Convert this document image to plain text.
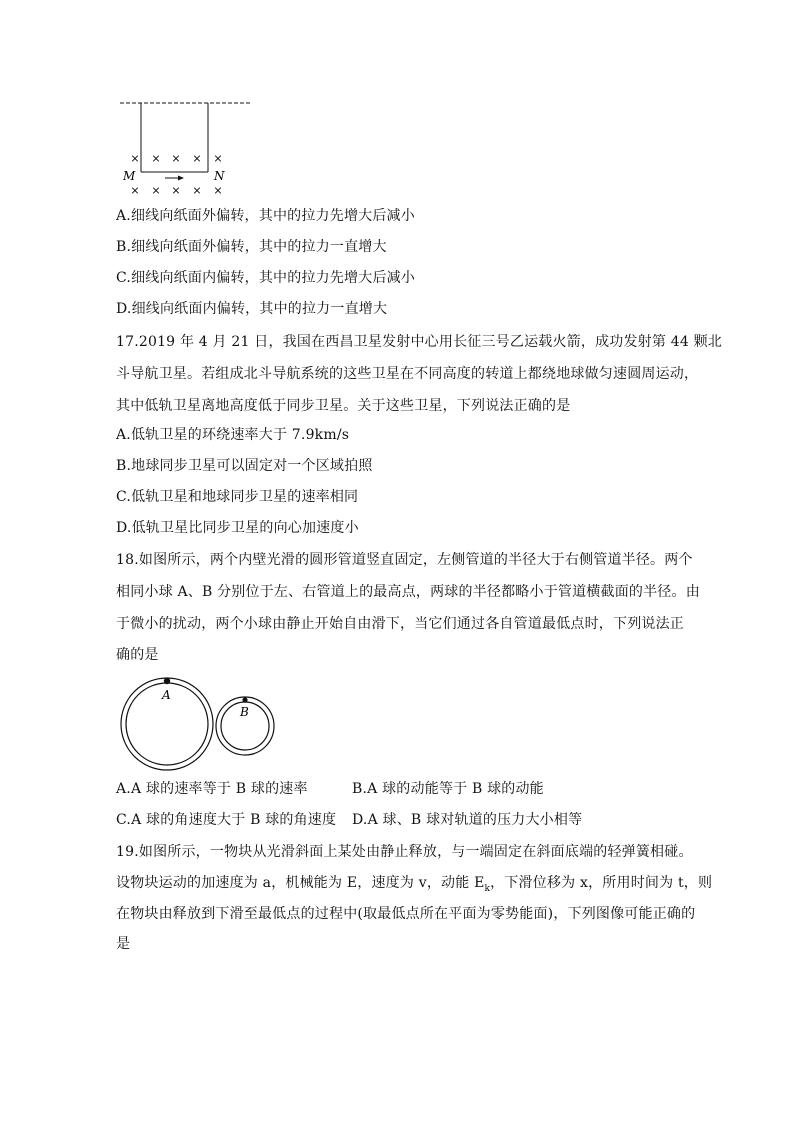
× × × × ×
× × × × ×
M	N
A.细线向纸面外偏转，其中的拉力先增大后减小
B.细线向纸面外偏转，其中的拉力一直增大
C.细线向纸面内偏转，其中的拉力先增大后减小
D.细线向纸面内偏转，其中的拉力一直增大
17.2019 年 4 月 21 日，我国在西昌卫星发射中心用长征三号乙运载火箭，成功发射第 44 颗北
斗导航卫星。若组成北斗导航系统的这些卫星在不同高度的转道上都绕地球做匀速圆周运动，
其中低轨卫星离地高度低于同步卫星。关于这些卫星，下列说法正确的是
A.低轨卫星的环绕速率大于 7.9km/s
B.地球同步卫星可以固定对一个区域拍照
C.低轨卫星和地球同步卫星的速率相同
D.低轨卫星比同步卫星的向心加速度小
18.如图所示，两个内壁光滑的圆形管道竖直固定，左侧管道的半径大于右侧管道半径。两个
相同小球 A、B 分别位于左、右管道上的最高点，两球的半径都略小于管道横截面的半径。由
于微小的扰动，两个小球由静止开始自由滑下，当它们通过各自管道最低点时，下列说法正
确的是
A
B
A.A 球的速率等于 B 球的速率	B.A 球的动能等于 B 球的动能
C.A 球的角速度大于 B 球的角速度 D.A 球、B 球对轨道的压力大小相等
19.如图所示，一物块从光滑斜面上某处由静止释放，与一端固定在斜面底端的轻弹簧相碰。
设物块运动的加速度为 a，机械能为 E，速度为 v，动能 $E_k$，下滑位移为 x，所用时间为 t，则
在物块由释放到下滑至最低点的过程中(取最低点所在平面为零势能面)，下列图像可能正确的
是
